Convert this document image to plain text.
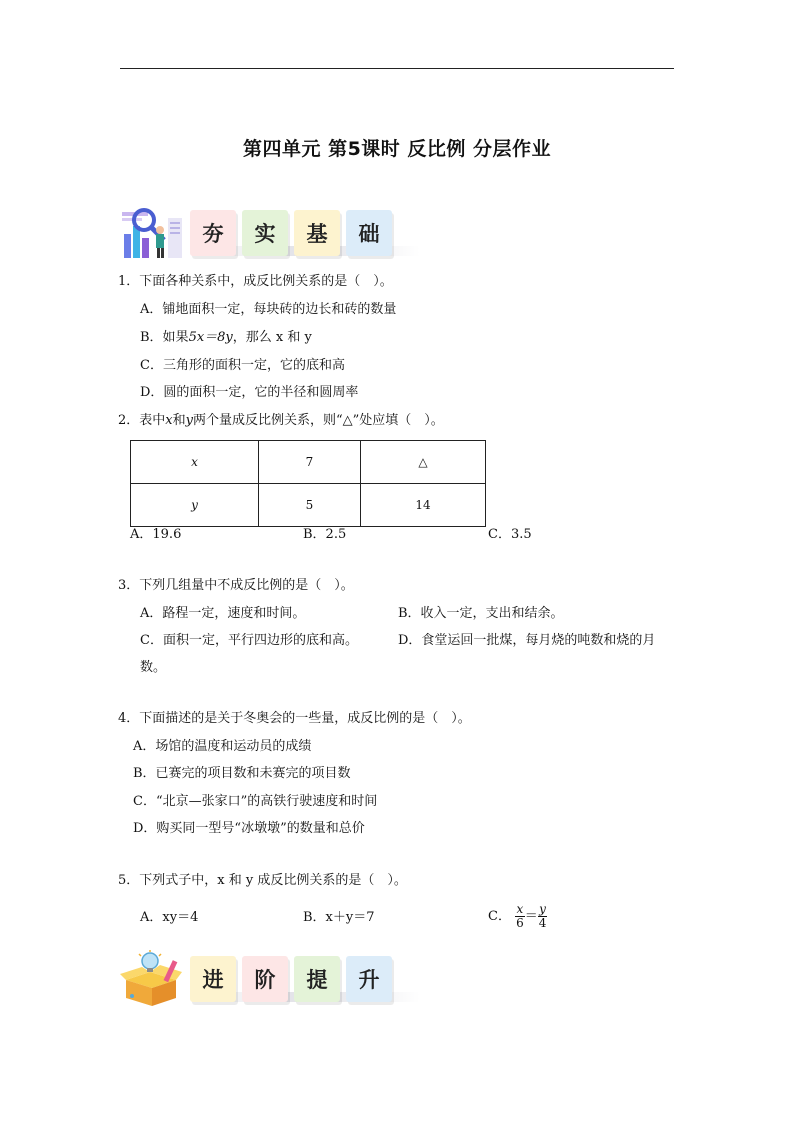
第四单元 第5课时 反比例 分层作业
夯	实	基	础
1．下面各种关系中，成反比例关系的是（　）。
A．铺地面积一定，每块砖的边长和砖的数量
B．如果5x＝8y，那么 x 和 y
C．三角形的面积一定，它的底和高
D．圆的面积一定，它的半径和圆周率
2．表中x和y两个量成反比例关系，则“△”处应填（　）。
x	7	△
y	5	14
A．19.6	B．2.5	C．3.5
3．下列几组量中不成反比例的是（　）。
A．路程一定，速度和时间。	B．收入一定，支出和结余。
C．面积一定，平行四边形的底和高。	D．食堂运回一批煤，每月烧的吨数和烧的月
数。
4．下面描述的是关于冬奥会的一些量，成反比例的是（　）。
A．场馆的温度和运动员的成绩
B．已赛完的项目数和未赛完的项目数
C．“北京—张家口”的高铁行驶速度和时间
D．购买同一型号“冰墩墩”的数量和总价
5．下列式子中，x 和 y 成反比例关系的是（　）。
A．xy＝4	B．x＋y＝7	C． $\frac{x}{6} = \frac{y}{4}$
进	阶	提	升
